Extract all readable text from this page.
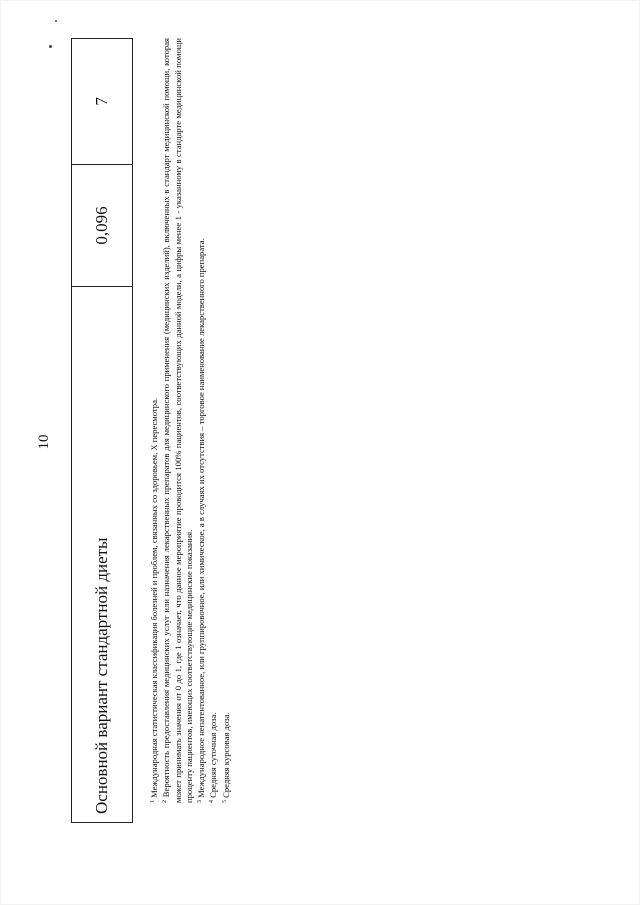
10
Основной вариант стандартной диеты
0,096
7

$^1$ Международная статистическая классификация болезней и проблем, связанных со здоровьем, X пересмотра.

$^2$ Вероятность предоставления медицинских услуг или назначения лекарственных препаратов для медицинского применения (медицинских изделий), включенных в стандарт медицинской помощи, которая может принимать значения от 0 до 1, где 1 означает, что данное мероприятие проводится 100% пациентов, соответствующих данной модели, а цифры менее 1 - указанному в стандарте медицинской помощи проценту пациентов, имеющих соответствующие медицинские показания. $^3$ Международное непатентованное, или группировочное, или химическое, а в случаях их отсутствия – торговое наименование лекарственного препарата.

$^4$ Средняя суточная доза.

$^5$ Средняя курсовая доза.
